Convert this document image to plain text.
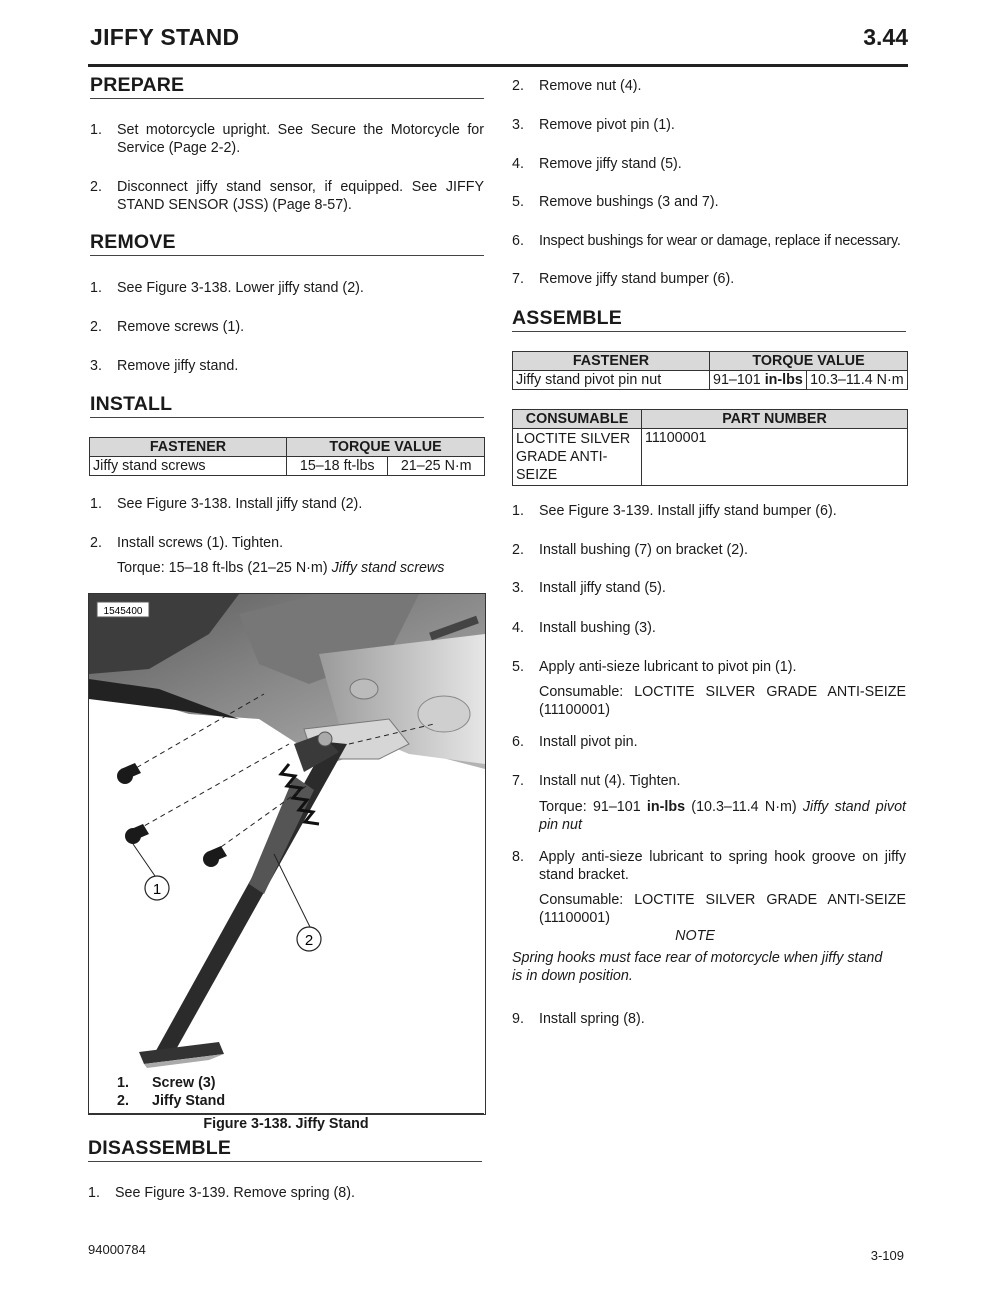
JIFFY STAND	3.44
PREPARE
1.	Set motorcycle upright. See Secure the Motorcycle for Service (Page 2-2).
2.	Disconnect jiffy stand sensor, if equipped. See JIFFY STAND SENSOR (JSS) (Page 8-57).
REMOVE
1.	See Figure 3-138. Lower jiffy stand (2).
2.	Remove screws (1).
3.	Remove jiffy stand.
INSTALL
FASTENER	TORQUE VALUE	
Jiffy stand screws	15–18 ft-lbs	21–25 N·m
1.	See Figure 3-138. Install jiffy stand (2).
2.	Install screws (1). Tighten.
Torque: 15–18 ft-lbs (21–25 N·m) Jiffy stand screws
1
2
1545400
1. Screw (3)
2. Jiffy Stand
Figure 3-138. Jiffy Stand
DISASSEMBLE
1.	See Figure 3-139. Remove spring (8).
2.	Remove nut (4).
3.	Remove pivot pin (1).
4.	Remove jiffy stand (5).
5.	Remove bushings (3 and 7).
6.	Inspect bushings for wear or damage, replace if necessary.
7.	Remove jiffy stand bumper (6).
ASSEMBLE
FASTENER	TORQUE VALUE	
Jiffy stand pivot pin nut	91–101 in-lbs	10.3–11.4 N·m
CONSUMABLE	PART NUMBER
LOCTITE SILVER GRADE ANTI-SEIZE	11100001
1.	See Figure 3-139. Install jiffy stand bumper (6).
2.	Install bushing (7) on bracket (2).
3.	Install jiffy stand (5).
4.	Install bushing (3).
5.	Apply anti-sieze lubricant to pivot pin (1).
Consumable: LOCTITE SILVER GRADE ANTI-SEIZE (11100001)
6.	Install pivot pin.
7.	Install nut (4). Tighten.
Torque: 91–101 in-lbs (10.3–11.4 N·m) Jiffy stand pivot pin nut
8.	Apply anti-sieze lubricant to spring hook groove on jiffy stand bracket.
Consumable: LOCTITE SILVER GRADE ANTI-SEIZE (11100001)
NOTE
Spring hooks must face rear of motorcycle when jiffy stand is in down position.
9.	Install spring (8).
94000784	3-109
